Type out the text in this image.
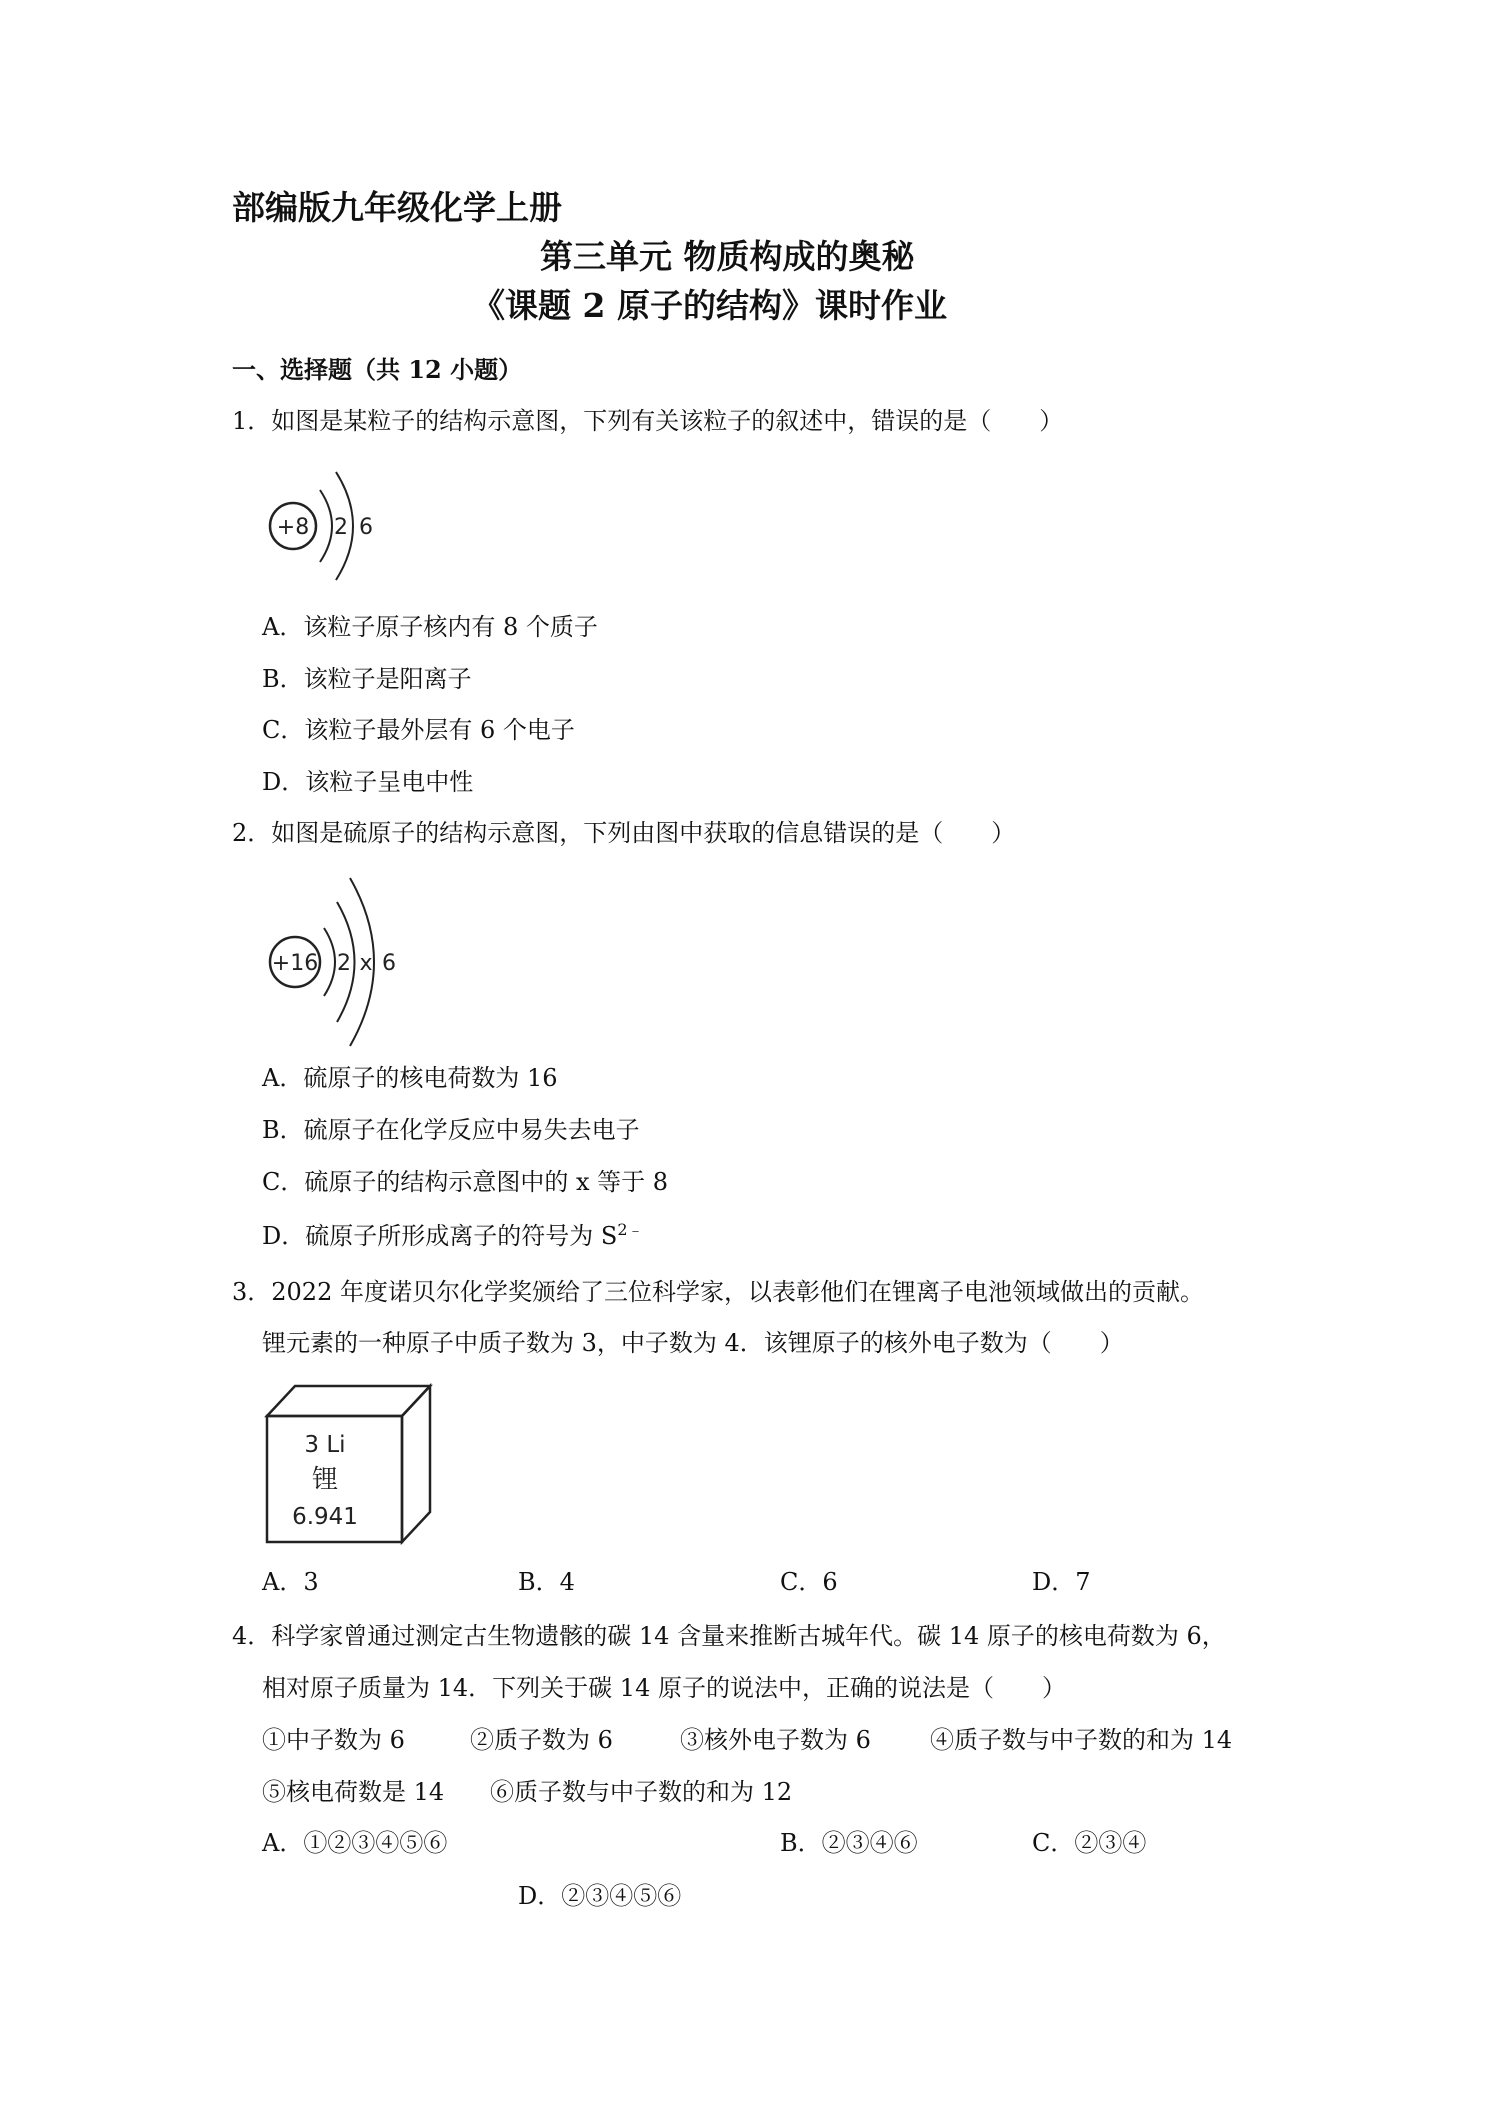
部编版九年级化学上册
第三单元 物质构成的奥秘
《课题 2 原子的结构》课时作业
一、选择题（共 12 小题）
1．如图是某粒子的结构示意图，下列有关该粒子的叙述中，错误的是（　　）
+8 2 6
A．该粒子原子核内有 8 个质子
B．该粒子是阳离子
C．该粒子最外层有 6 个电子
D．该粒子呈电中性
2．如图是硫原子的结构示意图，下列由图中获取的信息错误的是（　　）
+16 2 x 6
A．硫原子的核电荷数为 16
B．硫原子在化学反应中易失去电子
C．硫原子的结构示意图中的 x 等于 8
D．硫原子所形成离子的符号为 $S^{2﹣}$
3．2022 年度诺贝尔化学奖颁给了三位科学家，以表彰他们在锂离子电池领域做出的贡献。
锂元素的一种原子中质子数为 3，中子数为 4．该锂原子的核外电子数为（　　）
3 Li
锂
6.941
A．3	B．4	C．6	D．7
4．科学家曾通过测定古生物遗骸的碳 14 含量来推断古城年代。碳 14 原子的核电荷数为 6，
相对原子质量为 14．下列关于碳 14 原子的说法中，正确的说法是（　　）
①中子数为 6	②质子数为 6	③核外电子数为 6 ④质子数与中子数的和为 14
⑤核电荷数是 14 ⑥质子数与中子数的和为 12
A．①②③④⑤⑥	B．②③④⑥	C．②③④
D．②③④⑤⑥
